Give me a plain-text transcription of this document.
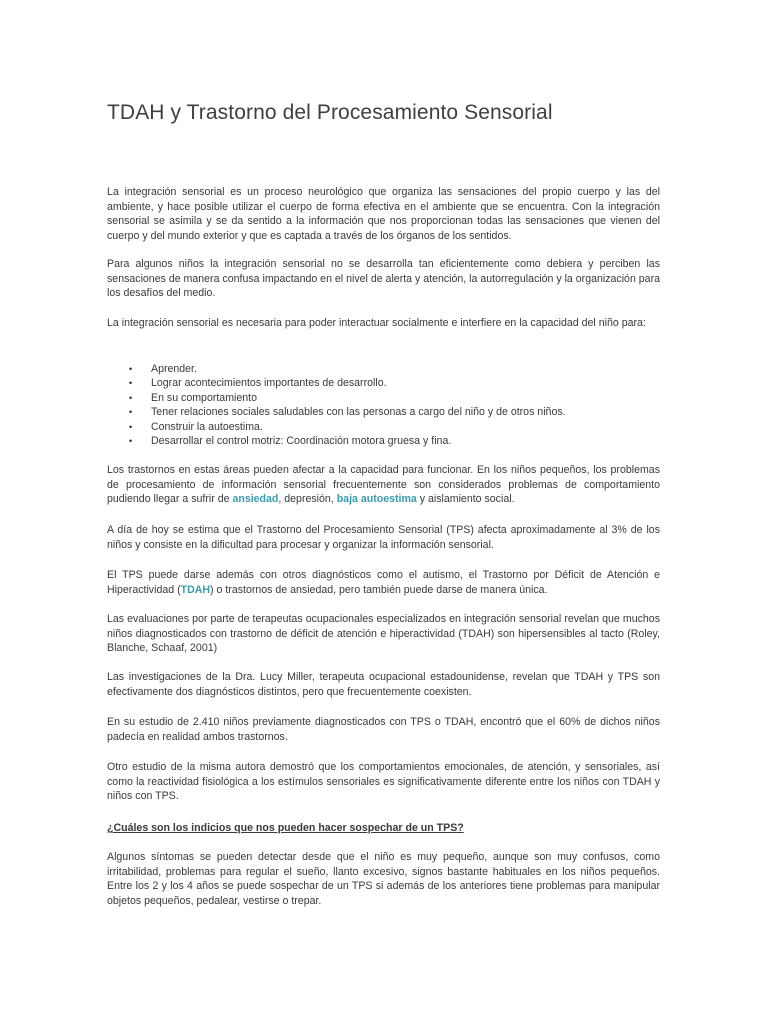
TDAH y Trastorno del Procesamiento Sensorial

La integración sensorial es un proceso neurológico que organiza las sensaciones del propio cuerpo y las del ambiente, y hace posible utilizar el cuerpo de forma efectiva en el ambiente que se encuentra. Con la integración sensorial se asimila y se da sentido a la información que nos proporcionan todas las sensaciones que vienen del cuerpo y del mundo exterior y que es captada a través de los órganos de los sentidos.

Para algunos niños la integración sensorial no se desarrolla tan eficientemente como debiera y perciben las sensaciones de manera confusa impactando en el nivel de alerta y atención, la autorregulación y la organización para los desafíos del medio.

La integración sensorial es necesaria para poder interactuar socialmente e interfiere en la capacidad del niño para:

• Aprender.
• Lograr acontecimientos importantes de desarrollo.
• En su comportamiento
• Tener relaciones sociales saludables con las personas a cargo del niño y de otros niños.
• Construir la autoestima.
• Desarrollar el control motriz: Coordinación motora gruesa y fina.

Los trastornos en estas áreas pueden afectar a la capacidad para funcionar. En los niños pequeños, los problemas de procesamiento de información sensorial frecuentemente son considerados problemas de comportamiento pudiendo llegar a sufrir de ansiedad, depresión, baja autoestima y aislamiento social.

A día de hoy se estima que el Trastorno del Procesamiento Sensorial (TPS) afecta aproximadamente al 3% de los niños y consiste en la dificultad para procesar y organizar la información sensorial.

El TPS puede darse además con otros diagnósticos como el autismo, el Trastorno por Déficit de Atención e Hiperactividad (TDAH) o trastornos de ansiedad, pero también puede darse de manera única.

Las evaluaciones por parte de terapeutas ocupacionales especializados en integración sensorial revelan que muchos niños diagnosticados con trastorno de déficit de atención e hiperactividad (TDAH) son hipersensibles al tacto (Roley, Blanche, Schaaf, 2001)

Las investigaciones de la Dra. Lucy Miller, terapeuta ocupacional estadounidense, revelan que TDAH y TPS son efectivamente dos diagnósticos distintos, pero que frecuentemente coexisten.

En su estudio de 2.410 niños previamente diagnosticados con TPS o TDAH, encontró que el 60% de dichos niños padecía en realidad ambos trastornos.

Otro estudio de la misma autora demostró que los comportamientos emocionales, de atención, y sensoriales, así como la reactividad fisiológica a los estímulos sensoriales es significativamente diferente entre los niños con TDAH y niños con TPS.

¿Cuáles son los indicios que nos pueden hacer sospechar de un TPS?

Algunos síntomas se pueden detectar desde que el niño es muy pequeño, aunque son muy confusos, como irritabilidad, problemas para regular el sueño, llanto excesivo, signos bastante habituales en los niños pequeños. Entre los 2 y los 4 años se puede sospechar de un TPS si además de los anteriores tiene problemas para manipular objetos pequeños, pedalear, vestirse o trepar.
